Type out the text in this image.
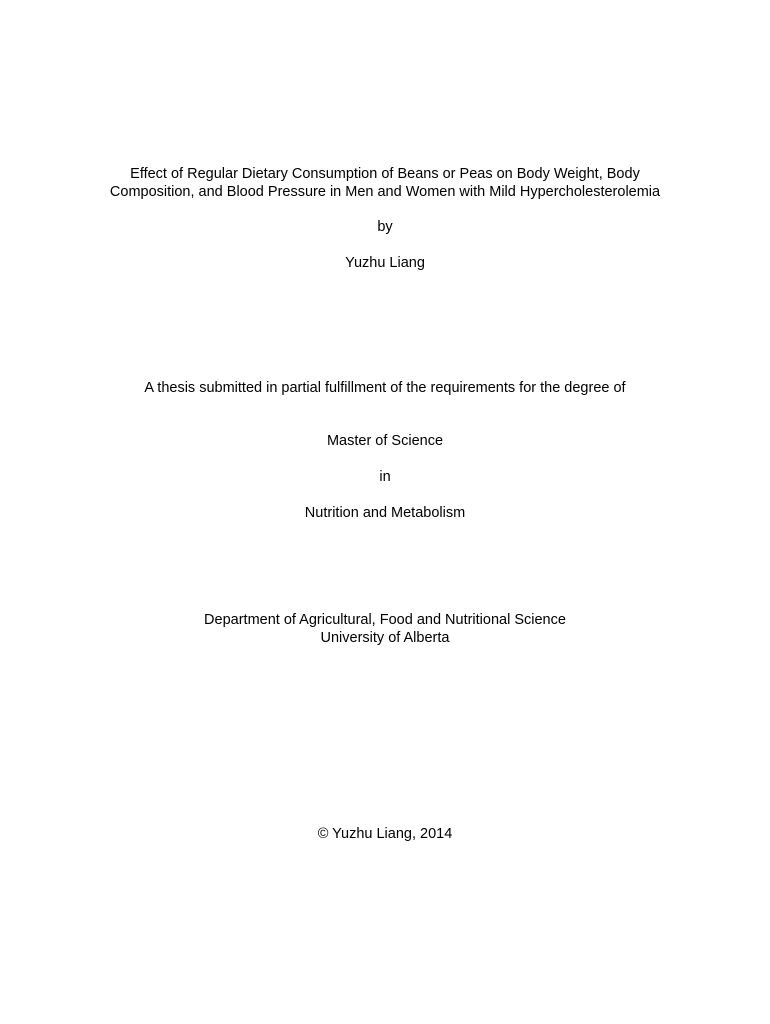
Effect of Regular Dietary Consumption of Beans or Peas on Body Weight, Body
Composition, and Blood Pressure in Men and Women with Mild Hypercholesterolemia
by
Yuzhu Liang
A thesis submitted in partial fulfillment of the requirements for the degree of
Master of Science
in
Nutrition and Metabolism
Department of Agricultural, Food and Nutritional Science
University of Alberta
© Yuzhu Liang, 2014
